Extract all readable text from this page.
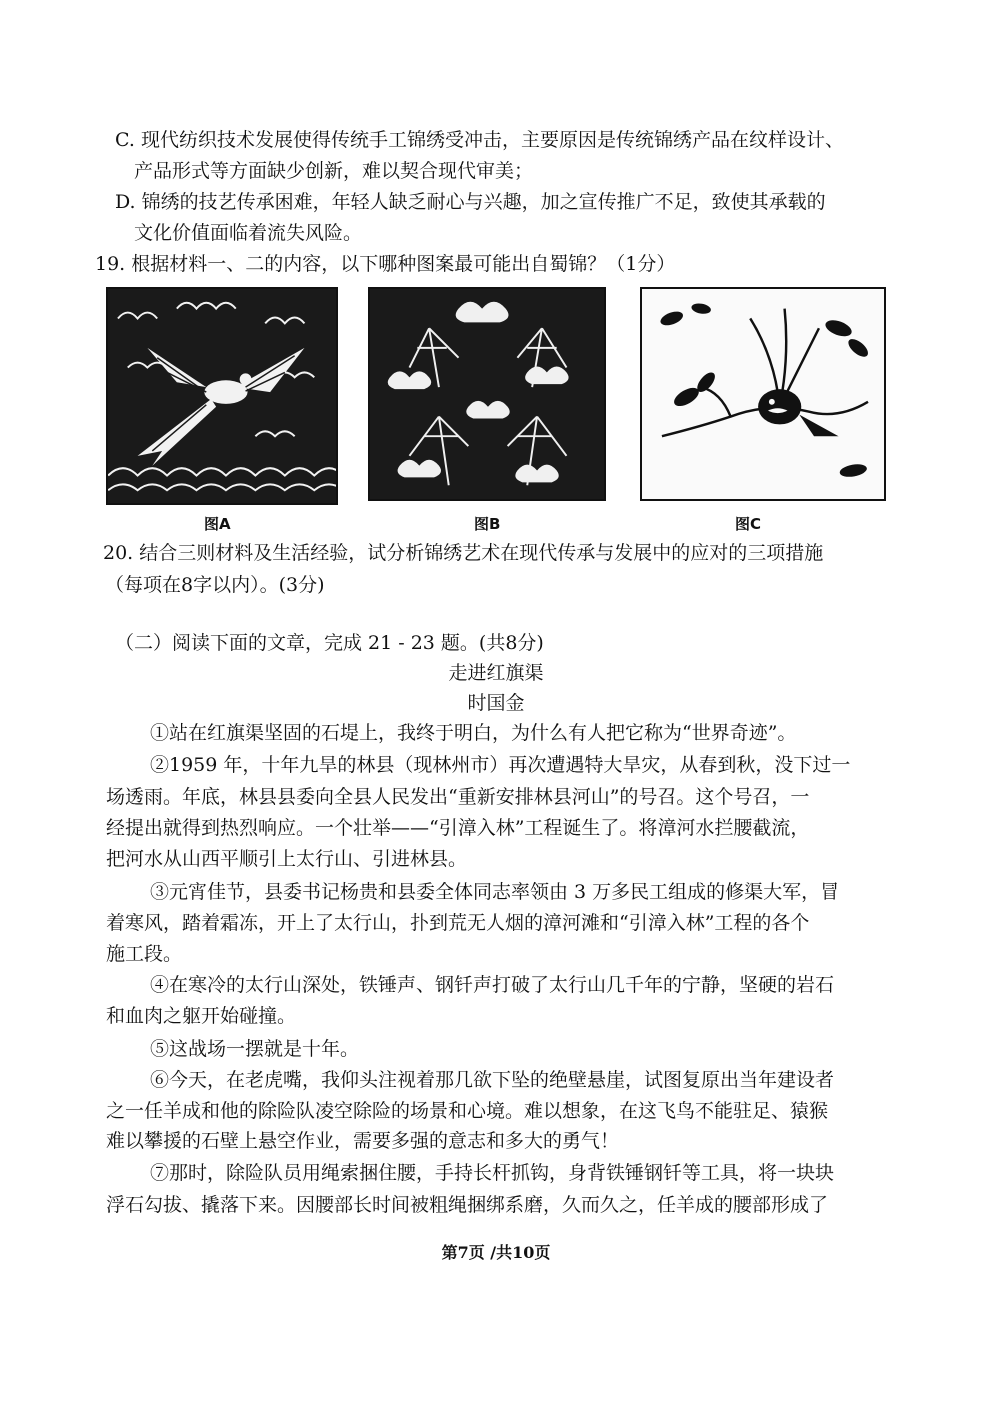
C. 现代纺织技术发展使得传统手工锦绣受冲击，主要原因是传统锦绣产品在纹样设计、
产品形式等方面缺少创新，难以契合现代审美；
D. 锦绣的技艺传承困难，年轻人缺乏耐心与兴趣，加之宣传推广不足，致使其承载的
文化价值面临着流失风险。
19. 根据材料一、二的内容，以下哪种图案最可能出自蜀锦？（1分）
图A	图B	图C
20. 结合三则材料及生活经验，试分析锦绣艺术在现代传承与发展中的应对的三项措施
（每项在8字以内）。(3分)
（二）阅读下面的文章，完成 21 - 23 题。(共8分)
走进红旗渠
时国金
①站在红旗渠坚固的石堤上，我终于明白，为什么有人把它称为“世界奇迹”。
②1959 年，十年九旱的林县（现林州市）再次遭遇特大旱灾，从春到秋，没下过一
场透雨。年底，林县县委向全县人民发出“重新安排林县河山”的号召。这个号召，一
经提出就得到热烈响应。一个壮举——“引漳入林”工程诞生了。将漳河水拦腰截流，
把河水从山西平顺引上太行山、引进林县。
③元宵佳节，县委书记杨贵和县委全体同志率领由 3 万多民工组成的修渠大军，冒
着寒风，踏着霜冻，开上了太行山，扑到荒无人烟的漳河滩和“引漳入林”工程的各个
施工段。
④在寒冷的太行山深处，铁锤声、钢钎声打破了太行山几千年的宁静，坚硬的岩石
和血肉之躯开始碰撞。
⑤这战场一摆就是十年。
⑥今天，在老虎嘴，我仰头注视着那几欲下坠的绝壁悬崖，试图复原出当年建设者
之一任羊成和他的除险队凌空除险的场景和心境。难以想象，在这飞鸟不能驻足、猿猴
难以攀援的石壁上悬空作业，需要多强的意志和多大的勇气！
⑦那时，除险队员用绳索捆住腰，手持长杆抓钩，身背铁锤钢钎等工具，将一块块
浮石勾拔、撬落下来。因腰部长时间被粗绳捆绑系磨，久而久之，任羊成的腰部形成了
第7页 /共10页
